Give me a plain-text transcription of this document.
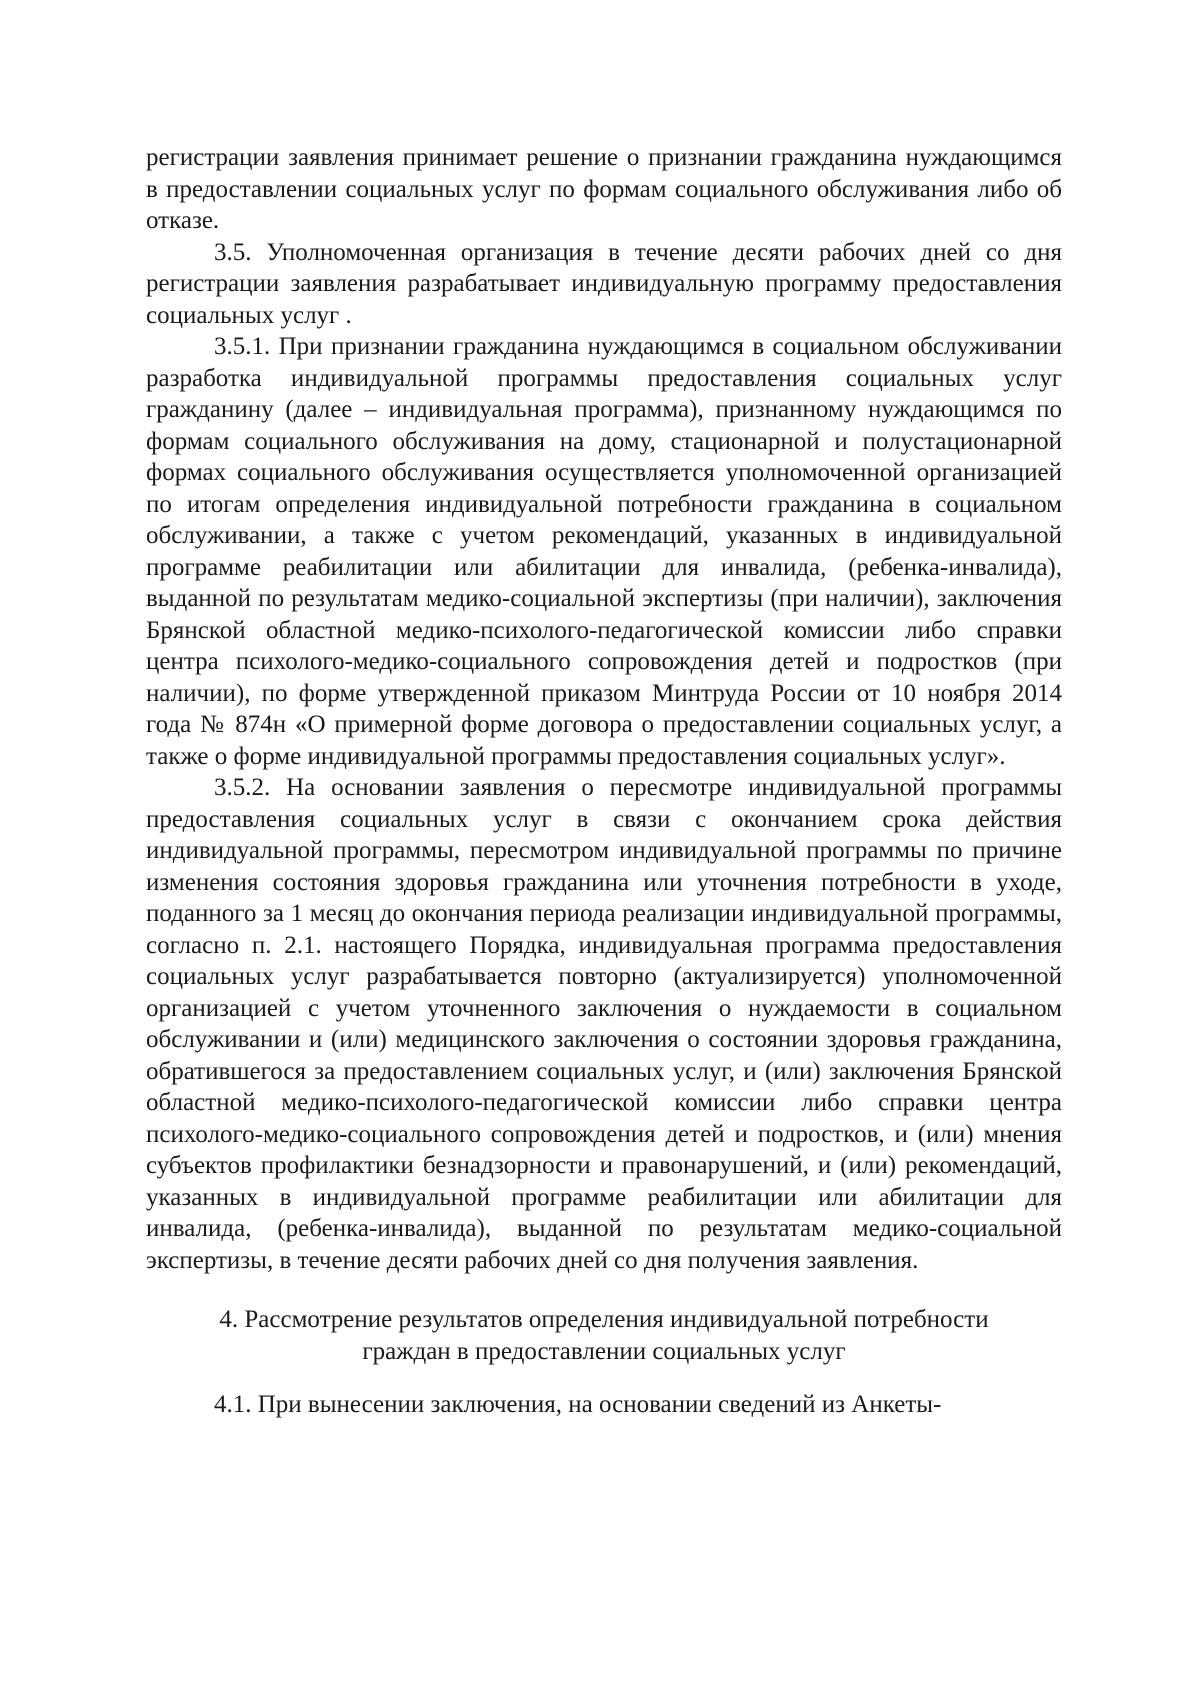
регистрации заявления принимает решение о признании гражданина нуждающимся в предоставлении социальных услуг по формам социального обслуживания либо об отказе.

3.5. Уполномоченная организация в течение десяти рабочих дней со дня регистрации заявления разрабатывает индивидуальную программу предоставления социальных услуг .

3.5.1. При признании гражданина нуждающимся в социальном обслуживании разработка индивидуальной программы предоставления социальных услуг гражданину (далее – индивидуальная программа), признанному нуждающимся по формам социального обслуживания на дому, стационарной и полустационарной формах социального обслуживания осуществляется уполномоченной организацией по итогам определения индивидуальной потребности гражданина в социальном обслуживании, а также с учетом рекомендаций, указанных в индивидуальной программе реабилитации или абилитации для инвалида, (ребенка-инвалида), выданной по результатам медико-социальной экспертизы (при наличии), заключения Брянской областной медико-психолого-педагогической комиссии либо справки центра психолого-медико-социального сопровождения детей и подростков (при наличии), по форме утвержденной приказом Минтруда России от 10 ноября 2014 года № 874н «О примерной форме договора о предоставлении социальных услуг, а также о форме индивидуальной программы предоставления социальных услуг».

3.5.2. На основании заявления о пересмотре индивидуальной программы предоставления социальных услуг в связи с окончанием срока действия индивидуальной программы, пересмотром индивидуальной программы по причине изменения состояния здоровья гражданина или уточнения потребности в уходе, поданного за 1 месяц до окончания периода реализации индивидуальной программы, согласно п. 2.1. настоящего Порядка, индивидуальная программа предоставления социальных услуг разрабатывается повторно (актуализируется) уполномоченной организацией с учетом уточненного заключения о нуждаемости в социальном обслуживании и (или) медицинского заключения о состоянии здоровья гражданина, обратившегося за предоставлением социальных услуг, и (или) заключения Брянской областной медико-психолого-педагогической комиссии либо справки центра психолого-медико-социального сопровождения детей и подростков, и (или) мнения субъектов профилактики безнадзорности и правонарушений, и (или) рекомендаций, указанных в индивидуальной программе реабилитации или абилитации для инвалида, (ребенка-инвалида), выданной по результатам медико-социальной экспертизы, в течение десяти рабочих дней со дня получения заявления.

4. Рассмотрение результатов определения индивидуальной потребности граждан в предоставлении социальных услуг

4.1. При вынесении заключения, на основании сведений из Анкеты-
